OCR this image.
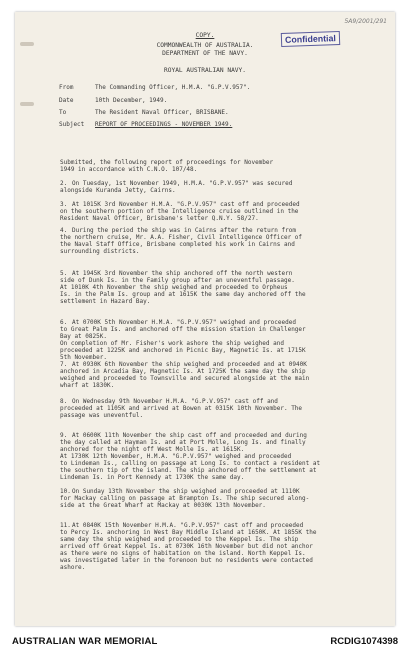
5A9/2001/291
Confidential
COPY.
COMMONWEALTH OF AUSTRALIA.
DEPARTMENT OF THE NAVY.
ROYAL AUSTRALIAN NAVY.
From	The Commanding Officer, H.M.A. "G.P.V.957".
Date	10th December, 1949.
To	The Resident Naval Officer, BRISBANE.
Subject REPORT OF PROCEEDINGS - NOVEMBER 1949.
Submitted, the following report of proceedings for November
1949 in accordance with C.N.O. 107/48.
2. On Tuesday, 1st November 1949, H.M.A. "G.P.V.957" was secured
alongside Kuranda Jetty, Cairns.
3. At 1015K 3rd November H.M.A. "G.P.V.957" cast off and proceeded
on the southern portion of the Intelligence cruise outlined in the
Resident Naval Officer, Brisbane's letter Q.N.Y. 58/27.
4. During the period the ship was in Cairns after the return from
the northern cruise, Mr. A.A. Fisher, Civil Intelligence Officer of
the Naval Staff Office, Brisbane completed his work in Cairns and
surrounding districts.
5. At 1945K 3rd November the ship anchored off the north western
side of Dunk Is. in the Family group after an uneventful passage.
At 1010K 4th November the ship weighed and proceeded to Orpheus
Is. in the Palm Is. group and at 1615K the same day anchored off the
settlement in Hazard Bay.
6. At 0700K 5th November H.M.A. "G.P.V.957" weighed and proceeded
to Great Palm Is. and anchored off the mission station in Challenger
Bay at 0825K.
On completion of Mr. Fisher's work ashore the ship weighed and
proceeded at 1225K and anchored in Picnic Bay, Magnetic Is. at 1715K
5th November.
7. At 0930K 6th November the ship weighed and proceeded and at 0940K
anchored in Arcadia Bay, Magnetic Is. At 1725K the same day the ship
weighed and proceeded to Townsville and secured alongside at the main
wharf at 1830K.
8. On Wednesday 9th November H.M.A. "G.P.V.957" cast off and
proceeded at 1105K and arrived at Bowen at 0315K 10th November. The
passage was uneventful.
9. At 0600K 11th November the ship cast off and proceeded and during
the day called at Hayman Is. and at Port Molle, Long Is. and finally
anchored for the night off West Molle Is. at 1615K.
At 1730K 12th November, H.M.A. "G.P.V.957" weighed and proceeded
to Lindeman Is., calling on passage at Long Is. to contact a resident at
the southern tip of the island. The ship anchored off the settlement at
Lindeman Is. in Port Kennedy at 1730K the same day.
10.On Sunday 13th November the ship weighed and proceeded at 1110K
for Mackay calling on passage at Brampton Is. The ship secured along-
side at the Great Wharf at Mackay at 0030K 13th November.
11.At 0840K 15th November H.M.A. "G.P.V.957" cast off and proceeded
to Percy Is. anchoring in West Bay Middle Island at 1650K. At 1855K the
same day the ship weighed and proceeded to the Keppel Is. The ship
arrived off Great Keppel Is. at 0730K 16th November but did not anchor
as there were no signs of habitation on the island. North Keppel Is.
was investigated later in the forenoon but no residents were contacted
ashore.
AUSTRALIAN WAR MEMORIAL	RCDIG1074398
